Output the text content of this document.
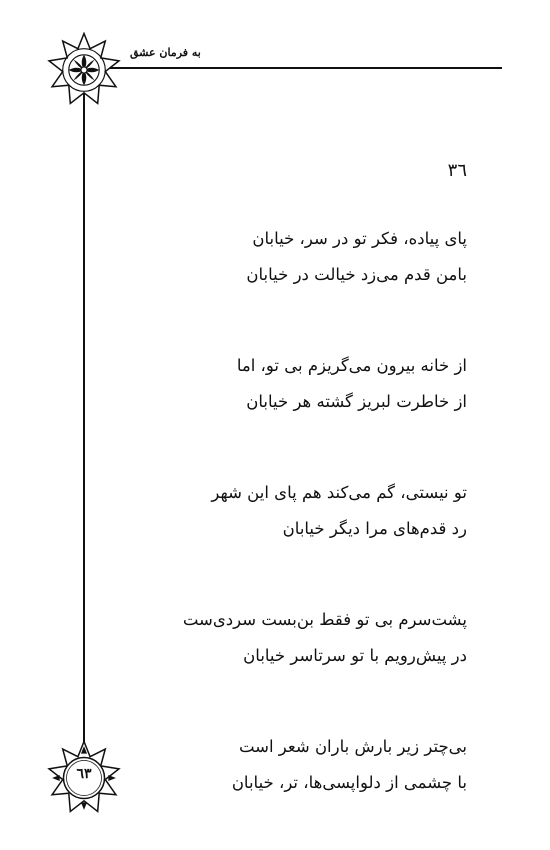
به فرمان عشق
٦٣
۳٦
پای پیاده، فکر تو در سر، خیابان
بامن قدم می‌زد خیالت در خیابان
از خانه بیرون می‌گریزم بی تو، اما
از خاطرت لبریز گشته هر خیابان
تو نیستی، گم می‌کند هم پای این شهر
رد قدم‌های مرا دیگر خیابان
پشت‌سرم بی تو فقط بن‌بست سردی‌ست
در پیش‌رویم با تو سرتاسر خیابان
بی‌چتر زیر بارش باران شعر است
با چشمی از دلواپسی‌ها، تر، خیابان
